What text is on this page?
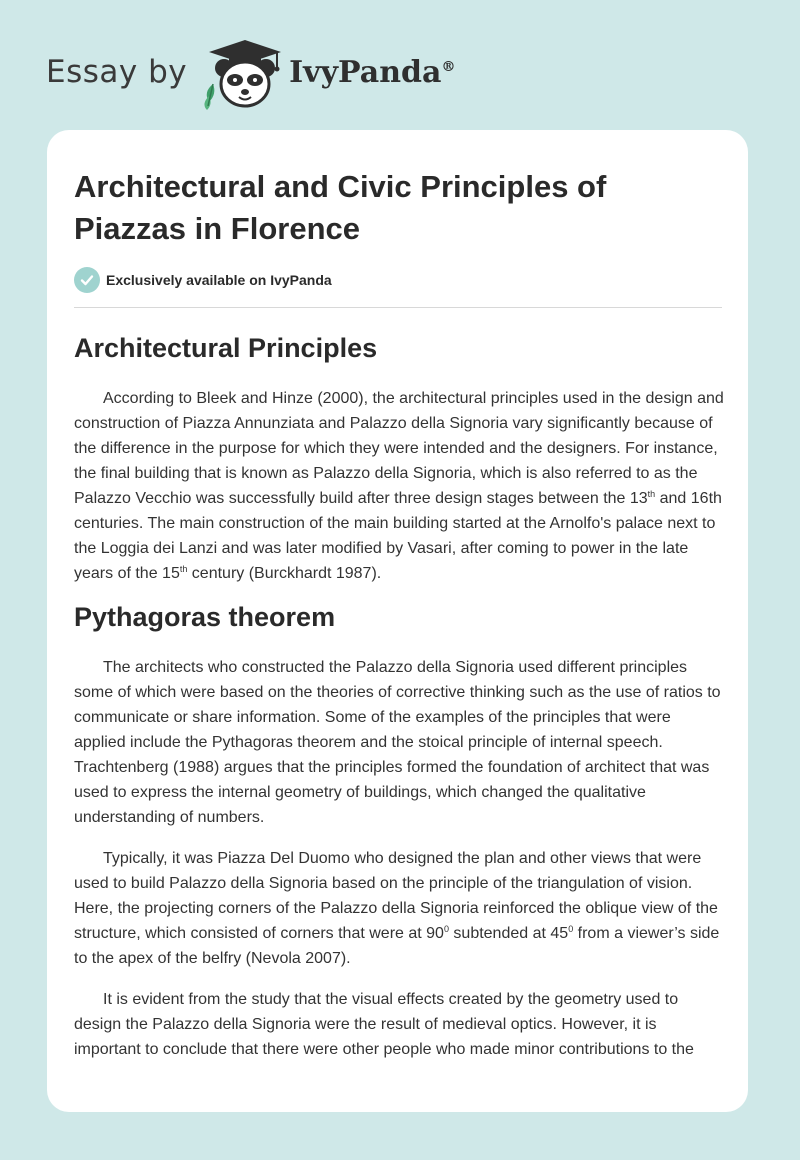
Essay by	IvyPanda®
Architectural and Civic Principles of Piazzas in Florence
Exclusively available on IvyPanda
Architectural Principles

According to Bleek and Hinze (2000), the architectural principles used in the design and construction of Piazza Annunziata and Palazzo della Signoria vary significantly because of the difference in the purpose for which they were intended and the designers. For instance, the final building that is known as Palazzo della Signoria, which is also referred to as the Palazzo Vecchio was successfully build after three design stages between the 13th and 16th centuries. The main construction of the main building started at the Arnolfo's palace next to the Loggia dei Lanzi and was later modified by Vasari, after coming to power in the late years of the 15th century (Burckhardt 1987).

Pythagoras theorem

The architects who constructed the Palazzo della Signoria used different principles some of which were based on the theories of corrective thinking such as the use of ratios to communicate or share information. Some of the examples of the principles that were applied include the Pythagoras theorem and the stoical principle of internal speech. Trachtenberg (1988) argues that the principles formed the foundation of architect that was used to express the internal geometry of buildings, which changed the qualitative understanding of numbers.

Typically, it was Piazza Del Duomo who designed the plan and other views that were used to build Palazzo della Signoria based on the principle of the triangulation of vision. Here, the projecting corners of the Palazzo della Signoria reinforced the oblique view of the structure, which consisted of corners that were at $90^0$ subtended at $45^0$ from a viewer’s side to the apex of the belfry (Nevola 2007).

It is evident from the study that the visual effects created by the geometry used to design the Palazzo della Signoria were the result of medieval optics. However, it is important to conclude that there were other people who made minor contributions to the
